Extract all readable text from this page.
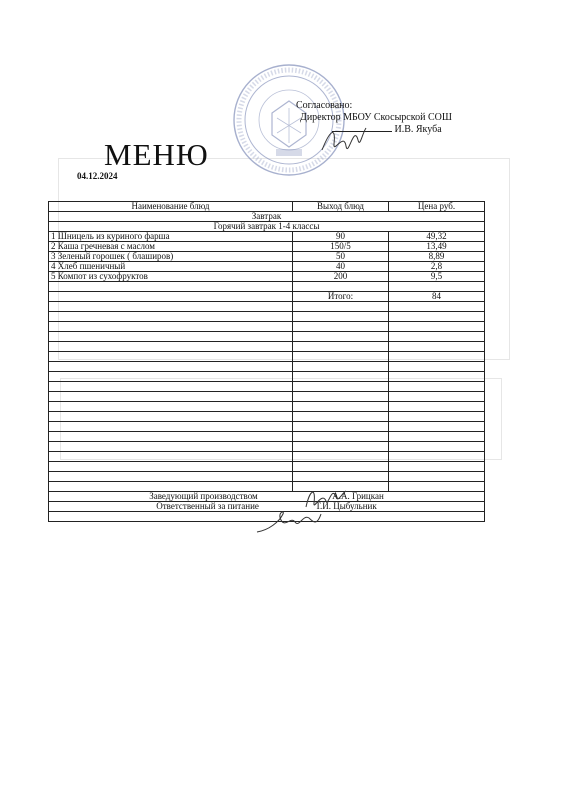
Согласовано:
Директор МБОУ Скосырской СОШ
И.В. Якуба
МЕНЮ
04.12.2024
Наименование блюд	Выход блюд	Цена руб.
Завтрак		
Горячий завтрак 1-4 классы		
1 Шницель из куриного фарша	90	49,32
2 Каша гречневая с маслом	150/5	13,49
3 Зеленый горошек ( блаширов)	50	8,89
4 Хлеб пшеничный	40	2,8
5 Компот из сухофруктов	200	9,5

	Итого:	84

Заведующий производством А.А. Грицкан		
Ответственный за питание Т.И. Цыбульник		
